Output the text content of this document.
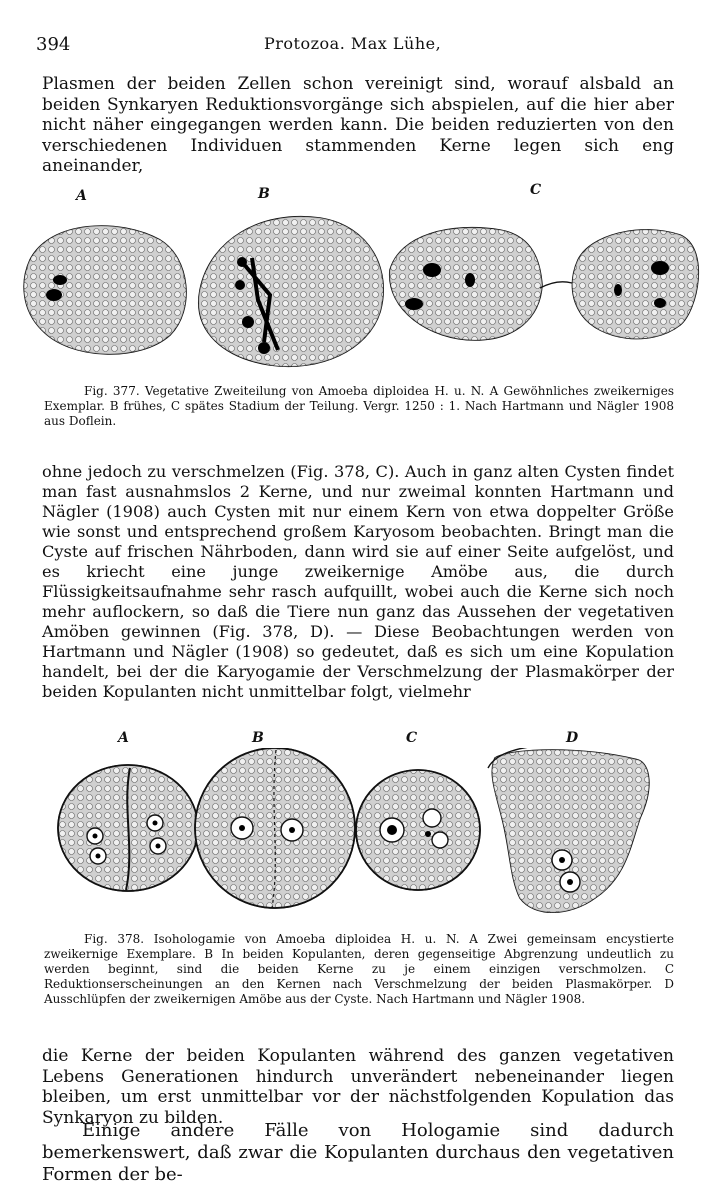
394	Protozoa. Max Lühe,

Plasmen der beiden Zellen schon vereinigt sind, worauf alsbald an beiden Synkaryen Reduktionsvorgänge sich abspielen, auf die hier aber nicht näher eingegangen werden kann. Die beiden reduzierten von den verschiedenen Individuen stammenden Kerne legen sich eng aneinander,

A	B	C

Fig. 377. Vegetative Zweiteilung von Amoeba diploidea H. u. N. A Gewöhnliches zweikerniges Exemplar. B frühes, C spätes Stadium der Teilung. Vergr. 1250 : 1. Nach Hartmann und Nägler 1908 aus Doflein.

ohne jedoch zu verschmelzen (Fig. 378, C). Auch in ganz alten Cysten findet man fast ausnahmslos 2 Kerne, und nur zweimal konnten Hartmann und Nägler (1908) auch Cysten mit nur einem Kern von etwa doppelter Größe wie sonst und entsprechend großem Karyosom beobachten. Bringt man die Cyste auf frischen Nährboden, dann wird sie auf einer Seite aufgelöst, und es kriecht eine junge zweikernige Amöbe aus, die durch Flüssigkeitsaufnahme sehr rasch aufquillt, wobei auch die Kerne sich noch mehr auflockern, so daß die Tiere nun ganz das Aussehen der vegetativen Amöben gewinnen (Fig. 378, D). — Diese Beobachtungen werden von Hartmann und Nägler (1908) so gedeutet, daß es sich um eine Kopulation handelt, bei der die Karyogamie der Verschmelzung der Plasmakörper der beiden Kopulanten nicht unmittelbar folgt, vielmehr

A	B	C	D

Fig. 378. Isohologamie von Amoeba diploidea H. u. N. A Zwei gemeinsam encystierte zweikernige Exemplare. B In beiden Kopulanten, deren gegenseitige Abgrenzung undeutlich zu werden beginnt, sind die beiden Kerne zu je einem einzigen verschmolzen. C Reduktionserscheinungen an den Kernen nach Verschmelzung der beiden Plasmakörper. D Ausschlüpfen der zweikernigen Amöbe aus der Cyste. Nach Hartmann und Nägler 1908.

die Kerne der beiden Kopulanten während des ganzen vegetativen Lebens Generationen hindurch unverändert nebeneinander liegen bleiben, um erst unmittelbar vor der nächstfolgenden Kopulation das Synkaryon zu bilden.

Einige andere Fälle von Hologamie sind dadurch bemerkenswert, daß zwar die Kopulanten durchaus den vegetativen Formen der be-
